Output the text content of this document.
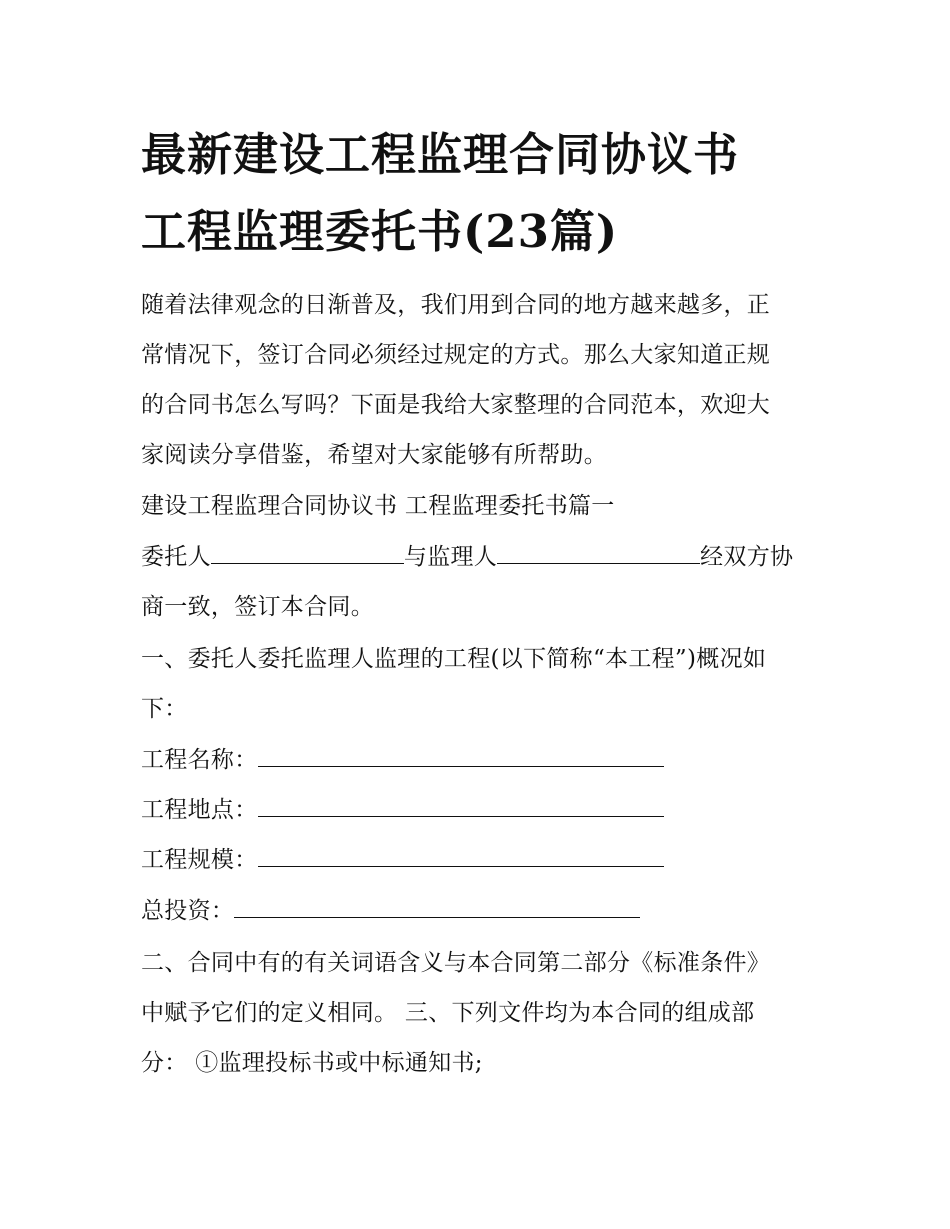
最新建设工程监理合同协议书
工程监理委托书(23篇)
随着法律观念的日渐普及，我们用到合同的地方越来越多，正
常情况下，签订合同必须经过规定的方式。那么大家知道正规
的合同书怎么写吗？下面是我给大家整理的合同范本，欢迎大
家阅读分享借鉴，希望对大家能够有所帮助。
建设工程监理合同协议书 工程监理委托书篇一
委托人	与监理人	经双方协
商一致，签订本合同。
一、委托人委托监理人监理的工程(以下简称“本工程”)概况如
下：
工程名称：
工程地点：
工程规模：
总投资：
二、合同中有的有关词语含义与本合同第二部分《标准条件》
中赋予它们的定义相同。 三、下列文件均为本合同的组成部
分： ①监理投标书或中标通知书;
